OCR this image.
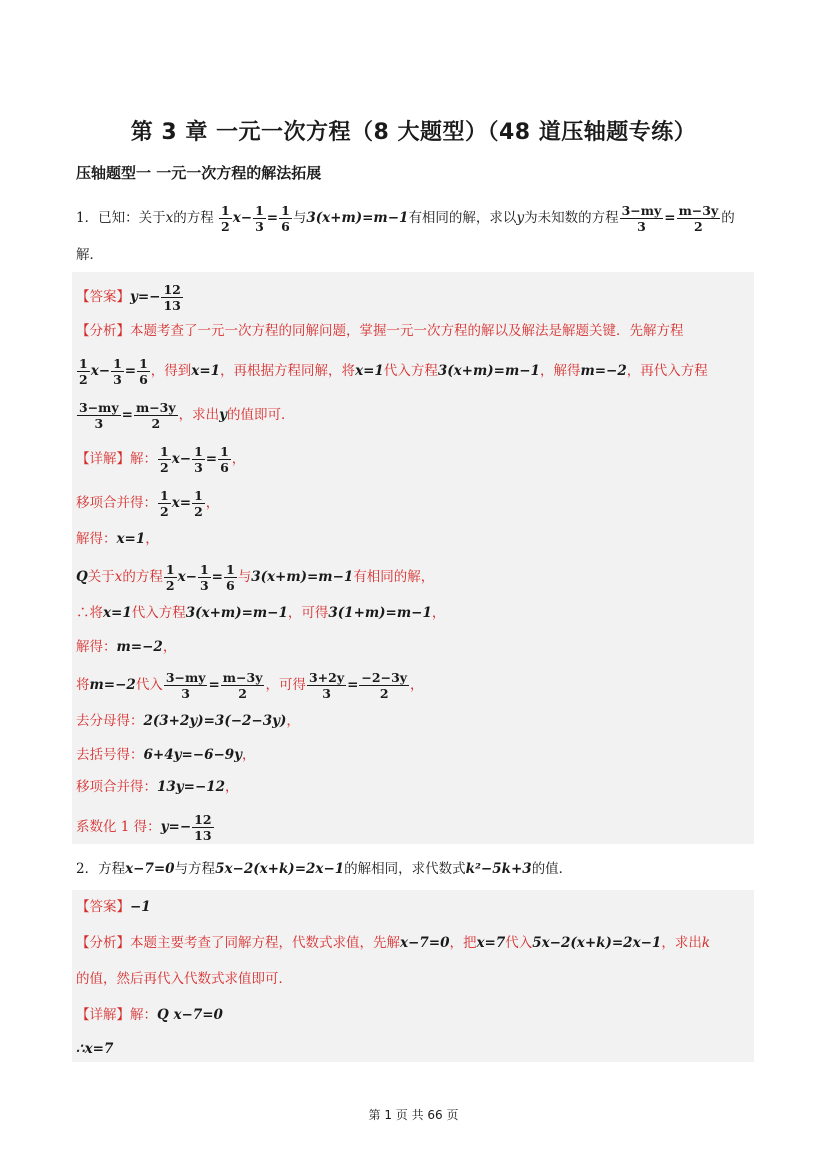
第 3 章 一元一次方程（8 大题型）（48 道压轴题专练）
压轴题型一 一元一次方程的解法拓展
1．已知：关于x的方程 $\frac{1}{2} x- \frac{1}{3} = \frac{1}{6}$ 与3(x+m)=m−1有相同的解，求以y为未知数的方程 $\frac{3-my}{3} = \frac{m-3y}{2}$ 的
解．
【答案】$y=- \frac{12}{13}$
【分析】本题考查了一元一次方程的同解问题，掌握一元一次方程的解以及解法是解题关键．先解方程
$\frac{1}{2} x- \frac{1}{3} = \frac{1}{6}$ ，得到x=1，再根据方程同解，将x=1代入方程3(x+m)=m−1，解得m=−2，再代入方程
$\frac{3-my}{3} = \frac{m-3y}{2}$ ，求出y的值即可．
【详解】解： $\frac{1}{2} x- \frac{1}{3} = \frac{1}{6}$ ，
移项合并得： $\frac{1}{2} x= \frac{1}{2}$ ，
解得：x=1，
Q关于x的方程 $\frac{1}{2} x- \frac{1}{3} = \frac{1}{6}$ 与3(x+m)=m−1有相同的解，
∴将x=1代入方程3(x+m)=m−1，可得3(1+m)=m−1，
解得：m=−2，
将m=−2代入 $\frac{3-my}{3} = \frac{m-3y}{2}$ ，可得 $\frac{3+2y}{3} = \frac{-2-3y}{2}$ ，
去分母得：2(3+2y)=3(−2−3y)，
去括号得：6+4y=−6−9y，
移项合并得：13y=−12，
系数化 1 得：$y=- \frac{12}{13}$
2．方程x−7=0与方程5x−2(x+k)=2x−1的解相同，求代数式k²−5k+3的值．
【答案】−1
【分析】本题主要考查了同解方程，代数式求值，先解x−7=0，把x=7代入5x−2(x+k)=2x−1，求出k
的值，然后再代入代数式求值即可．
【详解】解：Q x−7=0
∴x=7
第 1 页 共 66 页
